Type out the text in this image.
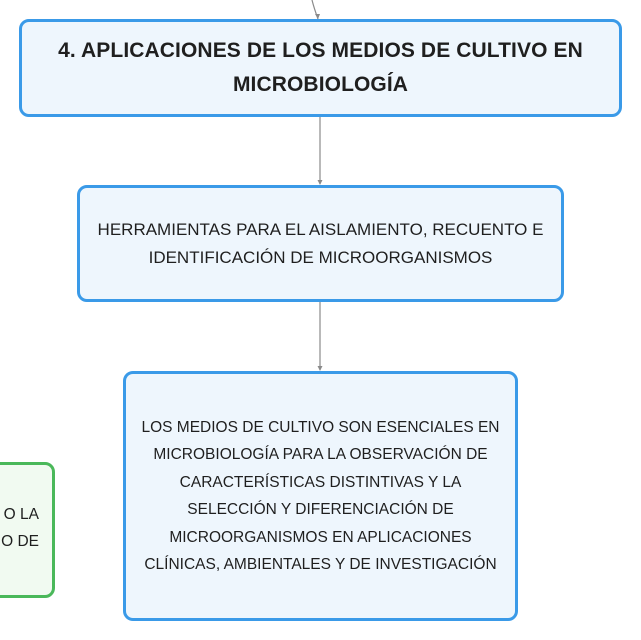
4. APLICACIONES DE LOS MEDIOS DE CULTIVO EN MICROBIOLOGÍA
HERRAMIENTAS PARA EL AISLAMIENTO, RECUENTO E IDENTIFICACIÓN DE MICROORGANISMOS
LOS MEDIOS DE CULTIVO SON ESENCIALES EN MICROBIOLOGÍA PARA LA OBSERVACIÓN DE CARACTERÍSTICAS DISTINTIVAS Y LA SELECCIÓN Y DIFERENCIACIÓN DE MICROORGANISMOS EN APLICACIONES CLÍNICAS, AMBIENTALES Y DE INVESTIGACIÓN
O LA
O DE
